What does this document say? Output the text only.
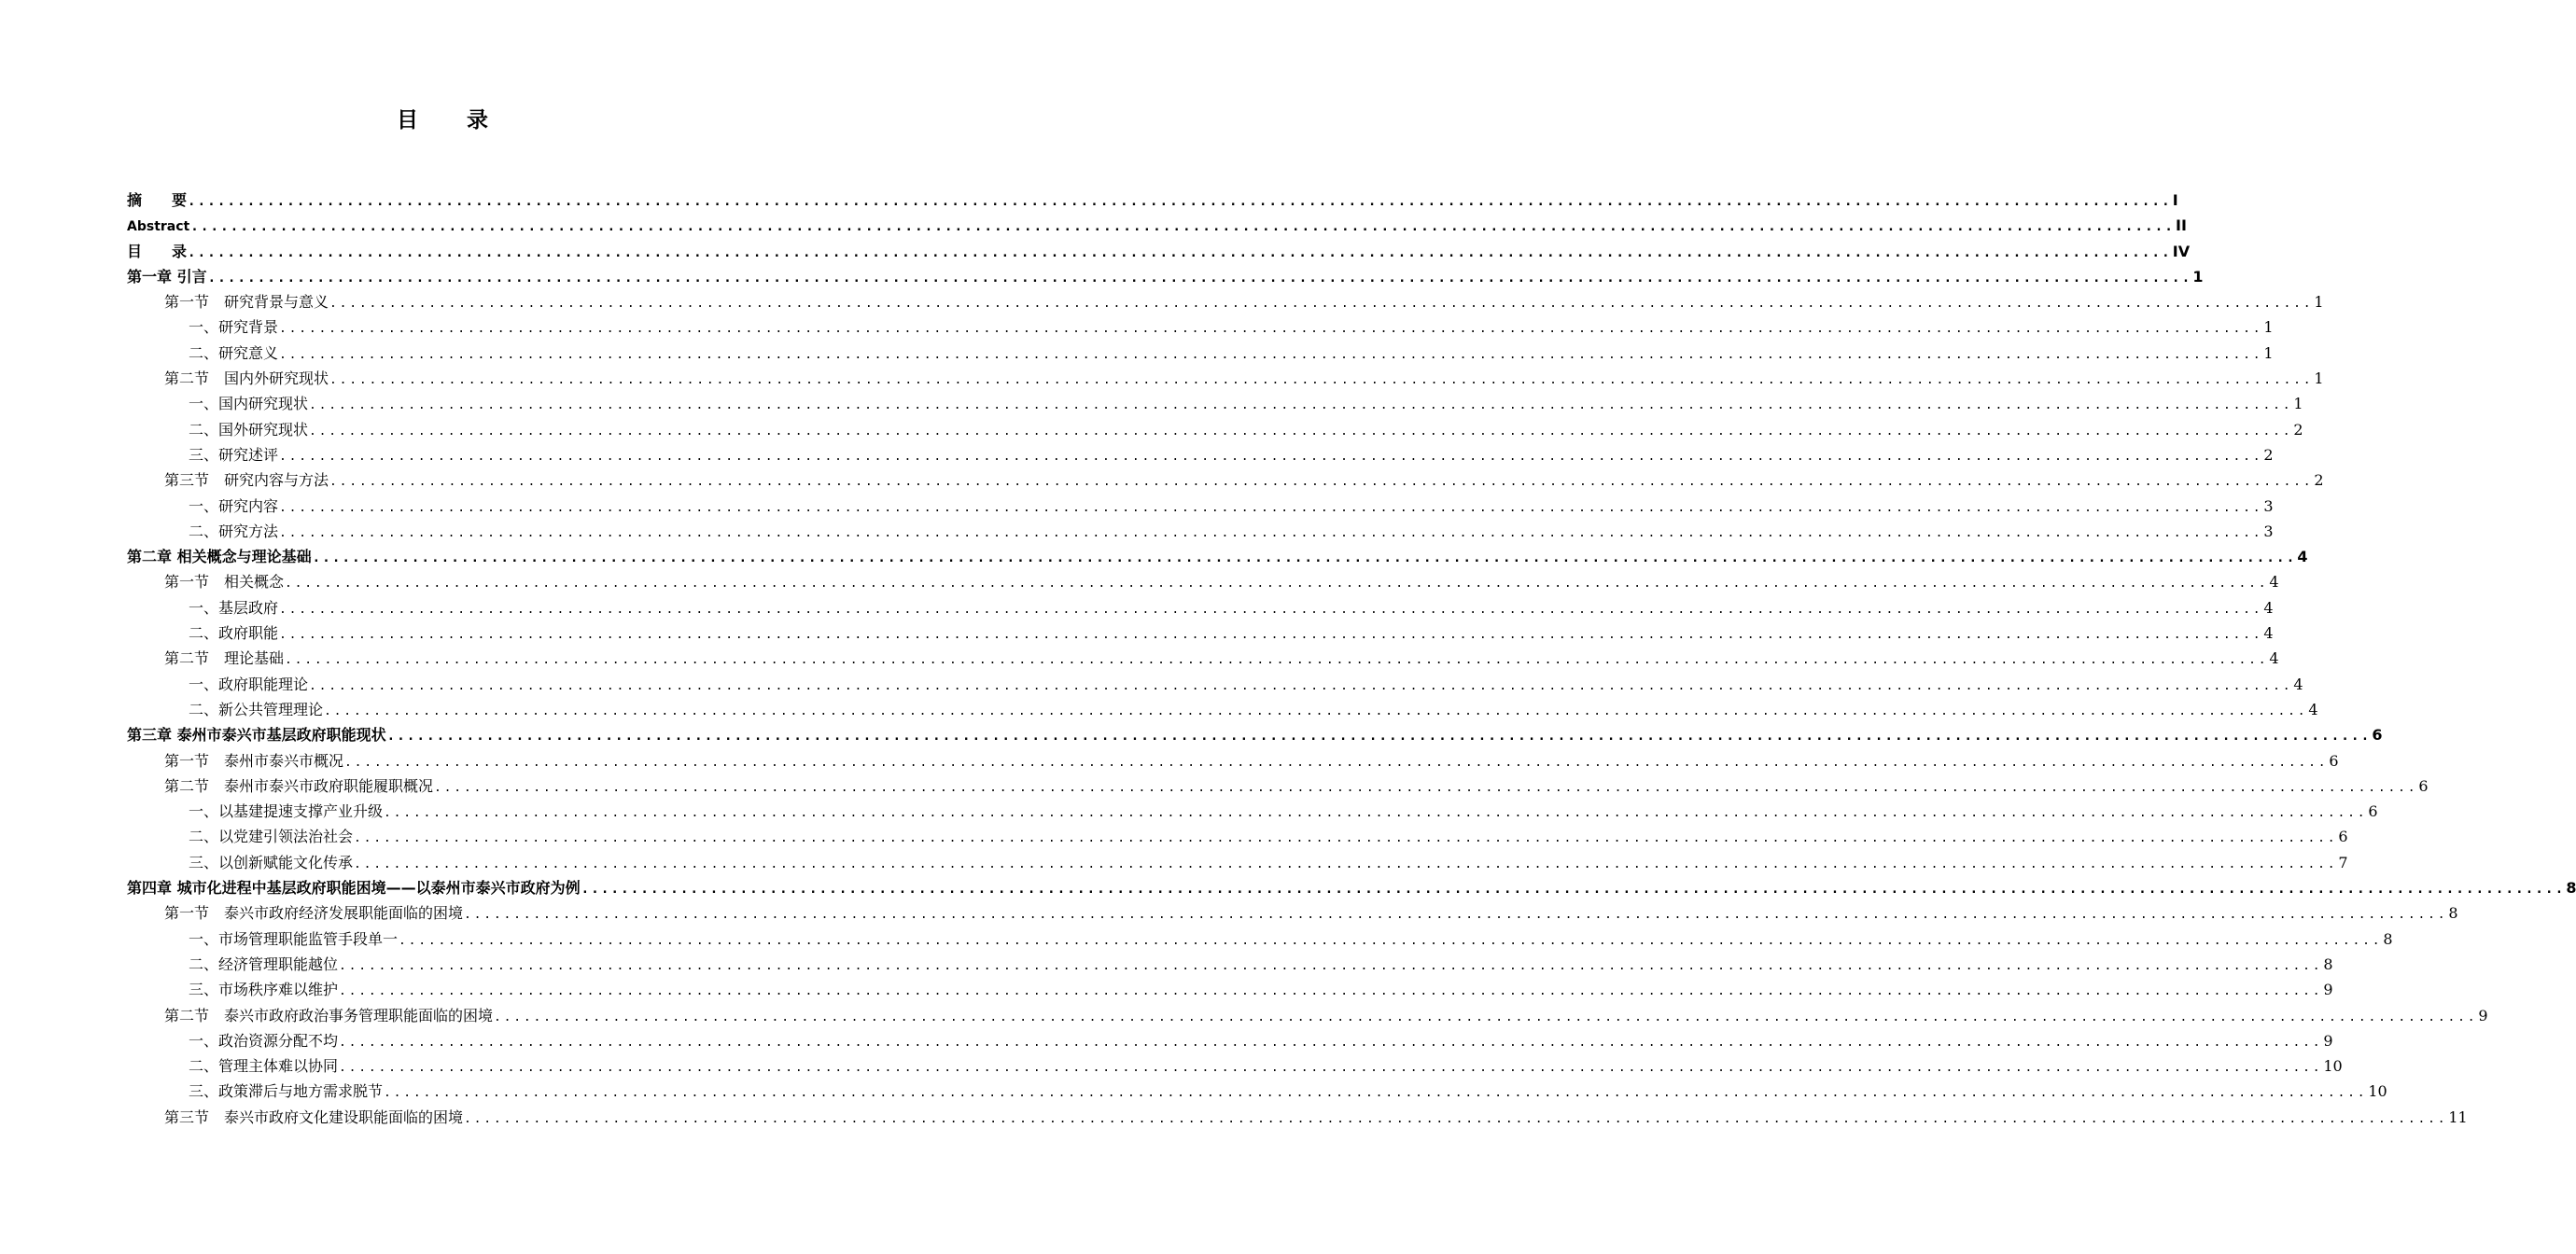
目　　录
摘　　要 ........................................................................................................................................................................................................ I
Abstract ........................................................................................................................................................................................................ II
目　　录 ........................................................................................................................................................................................................ IV
第一章 引言 ........................................................................................................................................................................................................ 1
第一节　研究背景与意义 ........................................................................................................................................................................................................ 1
一、研究背景 ........................................................................................................................................................................................................ 1
二、研究意义 ........................................................................................................................................................................................................ 1
第二节　国内外研究现状 ........................................................................................................................................................................................................ 1
一、国内研究现状 ........................................................................................................................................................................................................ 1
二、国外研究现状 ........................................................................................................................................................................................................ 2
三、研究述评 ........................................................................................................................................................................................................ 2
第三节　研究内容与方法 ........................................................................................................................................................................................................ 2
一、研究内容 ........................................................................................................................................................................................................ 3
二、研究方法 ........................................................................................................................................................................................................ 3
第二章 相关概念与理论基础 ........................................................................................................................................................................................................ 4
第一节　相关概念 ........................................................................................................................................................................................................ 4
一、基层政府 ........................................................................................................................................................................................................ 4
二、政府职能 ........................................................................................................................................................................................................ 4
第二节　理论基础 ........................................................................................................................................................................................................ 4
一、政府职能理论 ........................................................................................................................................................................................................ 4
二、新公共管理理论 ........................................................................................................................................................................................................ 4
第三章 泰州市泰兴市基层政府职能现状 ........................................................................................................................................................................................................ 6
第一节　泰州市泰兴市概况 ........................................................................................................................................................................................................ 6
第二节　泰州市泰兴市政府职能履职概况 ........................................................................................................................................................................................................ 6
一、以基建提速支撑产业升级 ........................................................................................................................................................................................................ 6
二、以党建引领法治社会 ........................................................................................................................................................................................................ 6
三、以创新赋能文化传承 ........................................................................................................................................................................................................ 7
第四章 城市化进程中基层政府职能困境——以泰州市泰兴市政府为例 ........................................................................................................................................................................................................ 8
第一节　泰兴市政府经济发展职能面临的困境 ........................................................................................................................................................................................................ 8
一、市场管理职能监管手段单一 ........................................................................................................................................................................................................ 8
二、经济管理职能越位 ........................................................................................................................................................................................................ 8
三、市场秩序难以维护 ........................................................................................................................................................................................................ 9
第二节　泰兴市政府政治事务管理职能面临的困境 ........................................................................................................................................................................................................ 9
一、政治资源分配不均 ........................................................................................................................................................................................................ 9
二、管理主体难以协同 ........................................................................................................................................................................................................ 10
三、政策滞后与地方需求脱节 ........................................................................................................................................................................................................ 10
第三节　泰兴市政府文化建设职能面临的困境 ........................................................................................................................................................................................................ 11
